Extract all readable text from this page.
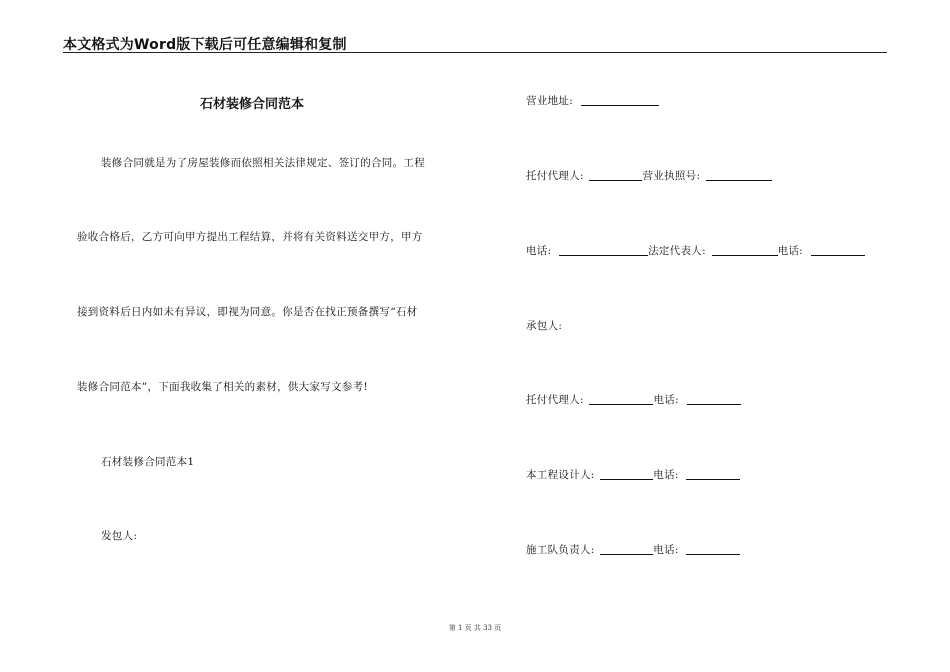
本文格式为Word版下载后可任意编辑和复制
石材装修合同范本
装修合同就是为了房屋装修而依照相关法律规定、签订的合同。工程
验收合格后，乙方可向甲方提出工程结算，并将有关资料送交甲方，甲方
接到资料后日内如未有异议，即视为同意。你是否在找正预备撰写“石材
装修合同范本”，下面我收集了相关的素材，供大家写文参考!
石材装修合同范本1
发包人:
营业地址:
托付代理人:	营业执照号:
电话:	法定代表人:	电话:
承包人:
托付代理人:	电话:
本工程设计人:	电话:
施工队负责人:	电话:
第 1 页 共 33 页
